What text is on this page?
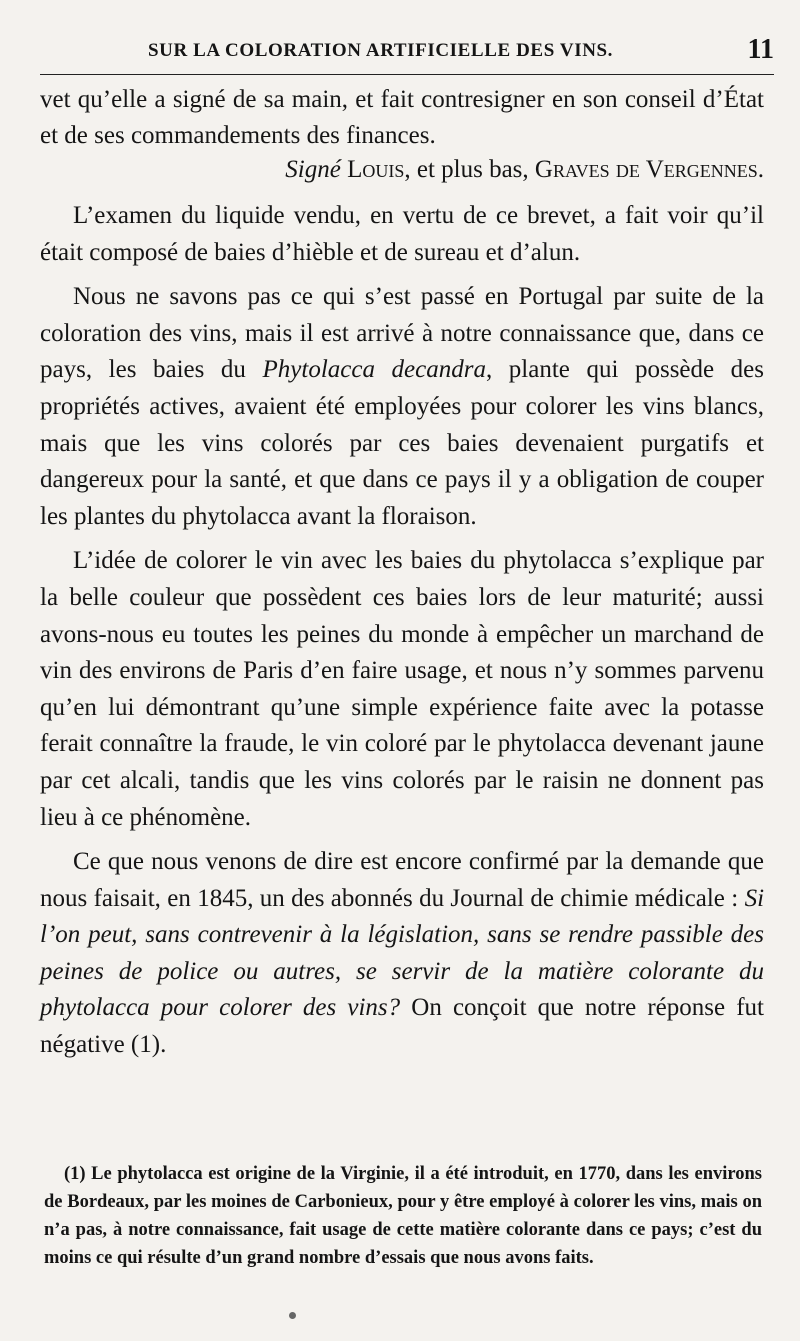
SUR LA COLORATION ARTIFICIELLE DES VINS.	11

vet qu’elle a signé de sa main, et fait contresigner en son conseil d’État et de ses commandements des finances.

Signé Louis, et plus bas, Graves de Vergennes.

L’examen du liquide vendu, en vertu de ce brevet, a fait voir qu’il était composé de baies d’hièble et de sureau et d’alun.

Nous ne savons pas ce qui s’est passé en Portugal par suite de la coloration des vins, mais il est arrivé à notre connaissance que, dans ce pays, les baies du Phytolacca decandra, plante qui possède des propriétés actives, avaient été employées pour colorer les vins blancs, mais que les vins colorés par ces baies devenaient purgatifs et dangereux pour la santé, et que dans ce pays il y a obligation de couper les plantes du phytolacca avant la floraison.

L’idée de colorer le vin avec les baies du phytolacca s’explique par la belle couleur que possèdent ces baies lors de leur maturité; aussi avons-nous eu toutes les peines du monde à empêcher un marchand de vin des environs de Paris d’en faire usage, et nous n’y sommes parvenu qu’en lui démontrant qu’une simple expérience faite avec la potasse ferait connaître la fraude, le vin coloré par le phytolacca devenant jaune par cet alcali, tandis que les vins colorés par le raisin ne donnent pas lieu à ce phénomène.

Ce que nous venons de dire est encore confirmé par la demande que nous faisait, en 1845, un des abonnés du Journal de chimie médicale : Si l’on peut, sans contrevenir à la législation, sans se rendre passible des peines de police ou autres, se servir de la matière colorante du phytolacca pour colorer des vins? On conçoit que notre réponse fut négative (1).

(1) Le phytolacca est origine de la Virginie, il a été introduit, en 1770, dans les environs de Bordeaux, par les moines de Carbonieux, pour y être employé à colorer les vins, mais on n’a pas, à notre connaissance, fait usage de cette matière colorante dans ce pays; c’est du moins ce qui résulte d’un grand nombre d’essais que nous avons faits.
